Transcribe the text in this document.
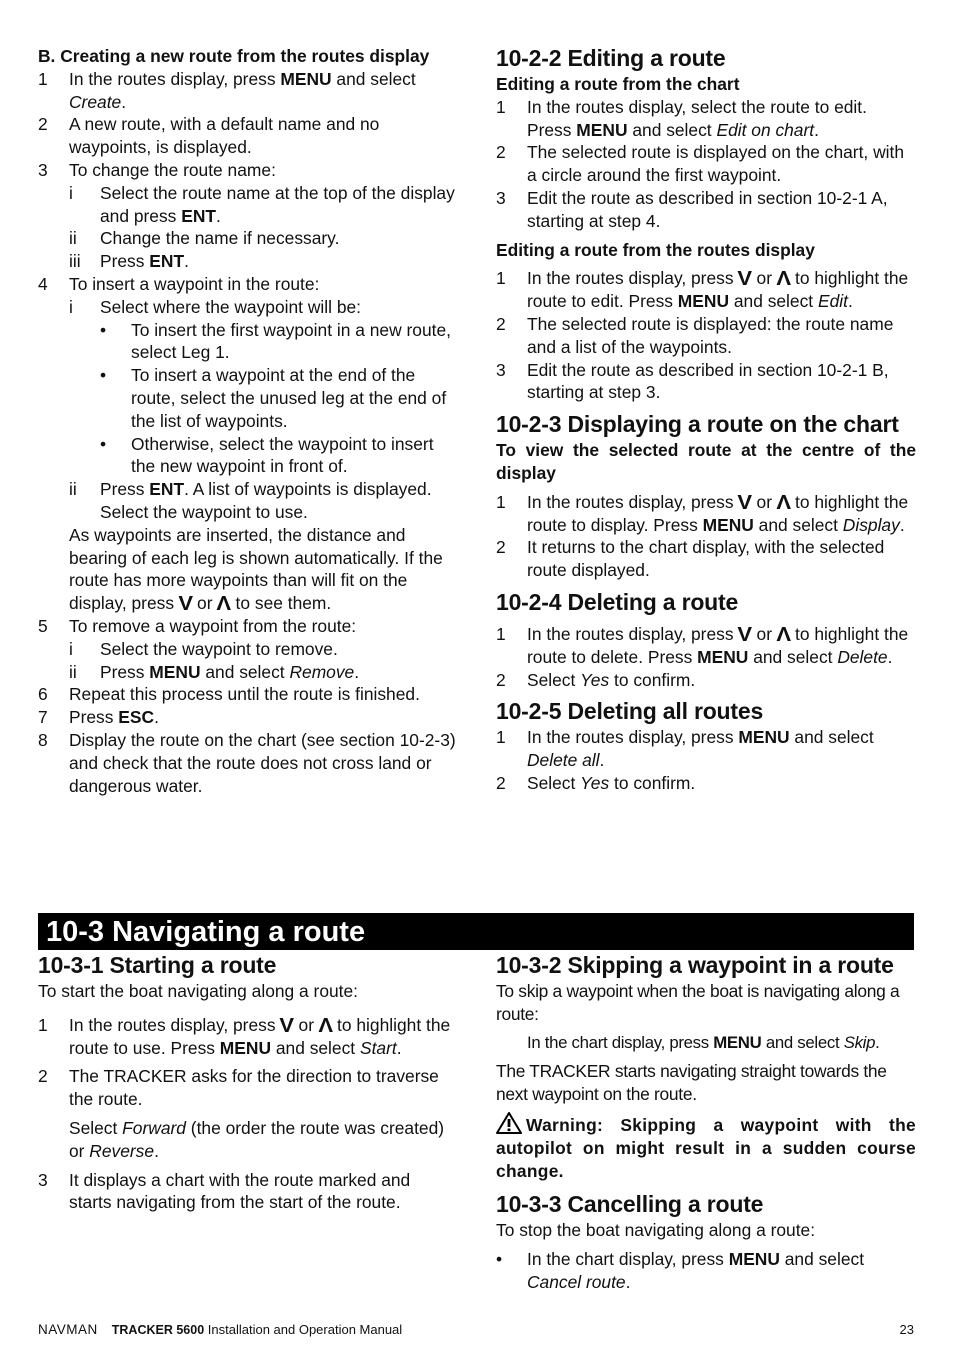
B. Creating a new route from the routes display
1 In the routes display, press MENU and select Create.
2 A new route, with a default name and no waypoints, is displayed.
3 To change the route name:
i Select the route name at the top of the display and press ENT.
ii Change the name if necessary.
iii Press ENT.
4 To insert a waypoint in the route:
i Select where the waypoint will be:
• To insert the first waypoint in a new route, select Leg 1.
• To insert a waypoint at the end of the route, select the unused leg at the end of the list of waypoints.
• Otherwise, select the waypoint to insert the new waypoint in front of.
ii Press ENT. A list of waypoints is displayed. Select the waypoint to use.
As waypoints are inserted, the distance and bearing of each leg is shown automatically. If the route has more waypoints than will fit on the display, press V or Λ to see them.
5 To remove a waypoint from the route:
i Select the waypoint to remove.
ii Press MENU and select Remove.
6 Repeat this process until the route is finished.
7 Press ESC.
8 Display the route on the chart (see section 10-2-3) and check that the route does not cross land or dangerous water.
10-2-2 Editing a route
Editing a route from the chart
1 In the routes display, select the route to edit. Press MENU and select Edit on chart.
2 The selected route is displayed on the chart, with a circle around the first waypoint.
3 Edit the route as described in section 10-2-1 A, starting at step 4.
Editing a route from the routes display
1 In the routes display, press V or Λ to highlight the route to edit. Press MENU and select Edit.
2 The selected route is displayed: the route name and a list of the waypoints.
3 Edit the route as described in section 10-2-1 B, starting at step 3.
10-2-3 Displaying a route on the chart
To view the selected route at the centre of the display
1 In the routes display, press V or Λ to highlight the route to display. Press MENU and select Display.
2 It returns to the chart display, with the selected route displayed.
10-2-4 Deleting a route
1 In the routes display, press V or Λ to highlight the route to delete. Press MENU and select Delete.
2 Select Yes to confirm.
10-2-5 Deleting all routes
1 In the routes display, press MENU and select Delete all.
2 Select Yes to confirm.
10-3 Navigating a route
10-3-1 Starting a route
To start the boat navigating along a route:
1 In the routes display, press V or Λ to highlight the route to use. Press MENU and select Start.
2 The TRACKER asks for the direction to traverse the route.
Select Forward (the order the route was created) or Reverse.
3 It displays a chart with the route marked and starts navigating from the start of the route.
10-3-2 Skipping a waypoint in a route
To skip a waypoint when the boat is navigating along a route:
In the chart display, press MENU and select Skip.
The TRACKER starts navigating straight towards the next waypoint on the route.
Warning: Skipping a waypoint with the autopilot on might result in a sudden course change.
10-3-3 Cancelling a route
To stop the boat navigating along a route:
• In the chart display, press MENU and select Cancel route.
NAVMAN TRACKER 5600 Installation and Operation Manual	23
